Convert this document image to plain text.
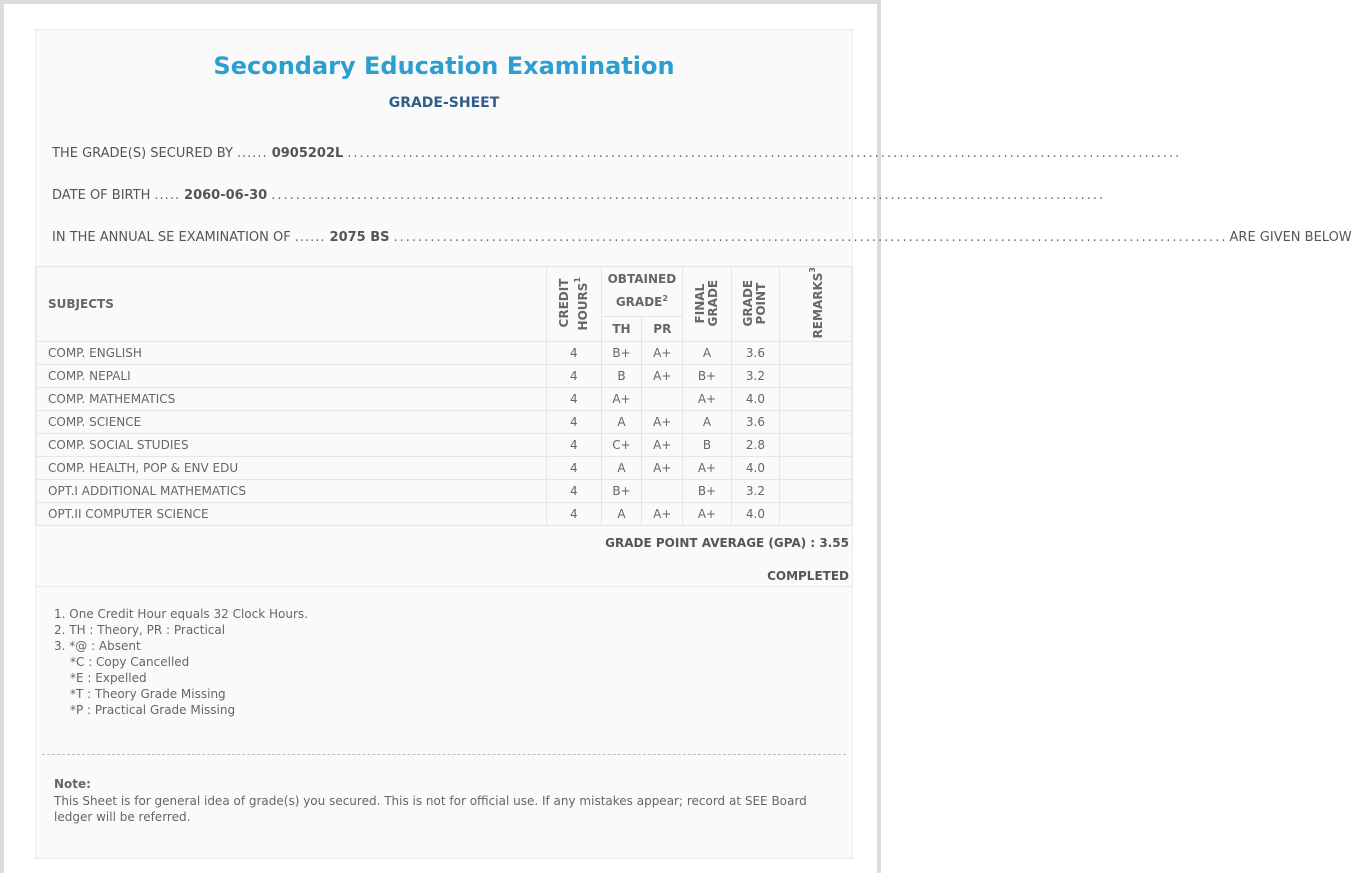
Secondary Education Examination
GRADE-SHEET
THE GRADE(S) SECURED BY ...... 0905202L ........................................................................................................................................
DATE OF BIRTH ..... 2060-06-30 ........................................................................................................................................
IN THE ANNUAL SE EXAMINATION OF ...... 2075 BS ........................................................................................................................................ ARE GIVEN BELOW
SUBJECTS	CREDIT HOURS$^1$	OBTAINED GRADE$^2$		FINAL GRADE	GRADE POINT	REMARKS$^3$
		TH	PR			
COMP. ENGLISH	4	B+	A+	A	3.6	
COMP. NEPALI	4	B	A+	B+	3.2	
COMP. MATHEMATICS	4	A+		A+	4.0	
COMP. SCIENCE	4	A	A+	A	3.6	
COMP. SOCIAL STUDIES	4	C+	A+	B	2.8	
COMP. HEALTH, POP & ENV EDU	4	A	A+	A+	4.0	
OPT.I ADDITIONAL MATHEMATICS	4	B+		B+	3.2	
OPT.II COMPUTER SCIENCE	4	A	A+	A+	4.0	
GRADE POINT AVERAGE (GPA) : 3.55
COMPLETED
1. One Credit Hour equals 32 Clock Hours.
2. TH : Theory, PR : Practical
3. *@ : Absent
*C : Copy Cancelled
*E : Expelled
*T : Theory Grade Missing
*P : Practical Grade Missing
Note:
This Sheet is for general idea of grade(s) you secured. This is not for official use. If any mistakes appear; record at SEE Board ledger will be referred.
